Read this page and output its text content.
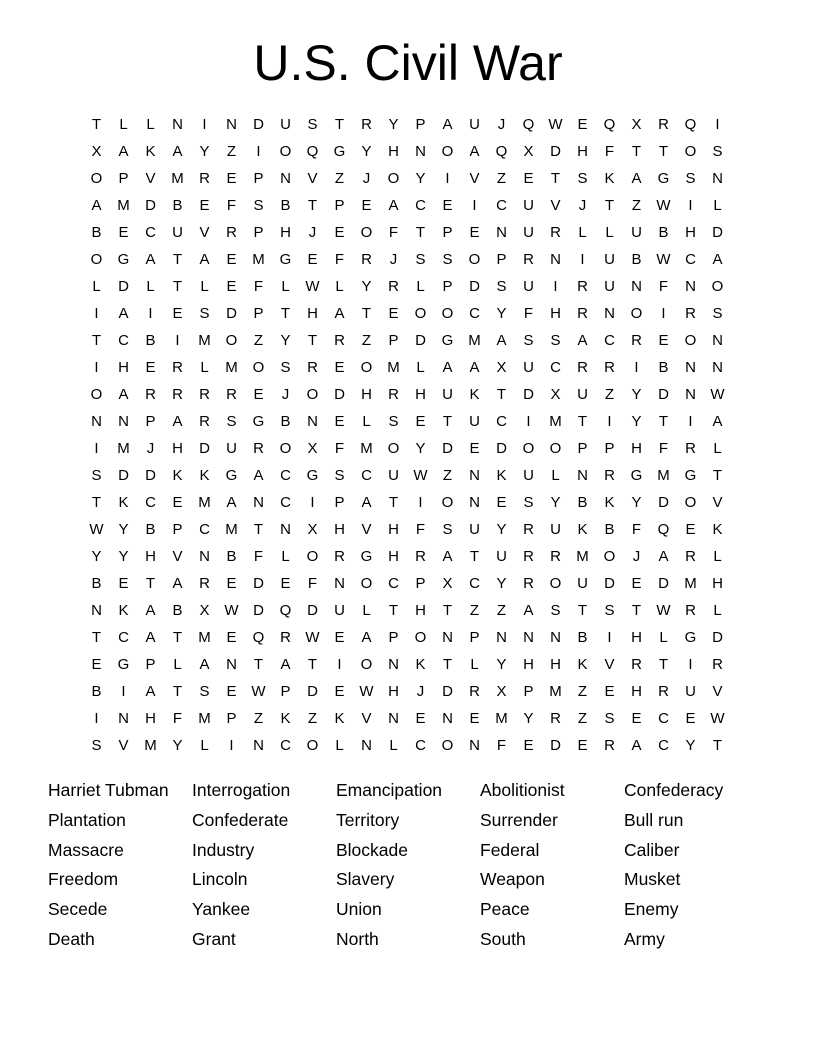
U.S. Civil War
T	L	L	N	I	N	D	U	S	T	R	Y	P	A	U	J	Q W E	Q	X	R	Q	I
X	A	K	A	Y	Z	I	O	Q	G	Y	H	N	O	A	Q	X	D	H	F	T	T	O	S
O	P	V	M	R	E	P	N	V	Z	J	O	Y	I	V	Z	E	T	S	K	A	G	S	N
A	M	D	B	E	F	S	B	T	P	E	A	C	E	I	C	U	V	J	T	Z	W	I	L
B	E	C	U	V	R	P	H	J	E	O	F	T	P	E	N	U	R	L	L	U	B	H	D
O	G	A	T	A	E	M G	E	F	R	J	S	S	O	P	R	N	I	U	B W C	A
L	D	L	T	L	E	F	L	W	L	Y	R	L	P	D	S	U	I	R	U	N	F	N	O
I	A	I	E	S	D	P	T	H	A	T	E	O	O	C	Y	F	H	R	N	O	I	R	S
T	C	B	I	M O	Z	Y	T	R	Z	P	D	G M	A	S	S	A	C	R	E	O	N
I	H	E	R	L	M O	S	R	E	O M	L	A	A	X	U	C	R	R	I	B	N	N
O	A	R	R	R	R	E	J	O	D	H	R	H	U	K	T	D	X	U	Z	Y	D	N W
N	N	P	A	R	S	G	B	N	E	L	S	E	T	U	C	I	M	T	I	Y	T	I	A
I	M	J	H	D	U	R	O	X	F	M O	Y	D	E	D	O	O	P	P	H	F	R	L
S	D	D	K	K	G	A	C	G	S	C	U W	Z	N	K	U	L	N	R	G M G	T
T	K	C	E	M	A	N	C	I	P	A	T	I	O	N	E	S	Y	B	K	Y	D	O	V
W Y	B	P	C	M	T	N	X	H	V	H	F	S	U	Y	R	U	K	B	F	Q	E	K
Y	Y	H	V	N	B	F	L	O	R	G	H	R	A	T	U	R	R	M O	J	A	R	L
B	E	T	A	R	E	D	E	F	N	O	C	P	X	C	Y	R	O	U	D	E	D	M	H
N	K	A	B	X W D	Q	D	U	L	T	H	T	Z	Z	A	S	T	S	T	W R	L
T	C	A	T	M	E	Q	R W E	A	P	O	N	P	N	N	N	B	I	H	L	G	D
E	G	P	L	A	N	T	A	T	I	O	N	K	T	L	Y	H	H	K	V	R	T	I	R
B	I	A	T	S	E W P	D	E W H	J	D	R	X	P	M	Z	E	H	R	U	V
I	N	H	F	M	P	Z	K	Z	K	V	N	E	N	E	M	Y	R	Z	S	E	C	E W
S	V	M	Y	L	I	N	C	O	L	N	L	C	O	N	F	E	D	E	R	A	C	Y	T
Harriet Tubman	Interrogation	Emancipation	Abolitionist	Confederacy
Plantation	Confederate	Territory	Surrender	Bull run
Massacre	Industry	Blockade	Federal	Caliber
Freedom	Lincoln	Slavery	Weapon	Musket
Secede	Yankee	Union	Peace	Enemy
Death	Grant	North	South	Army
